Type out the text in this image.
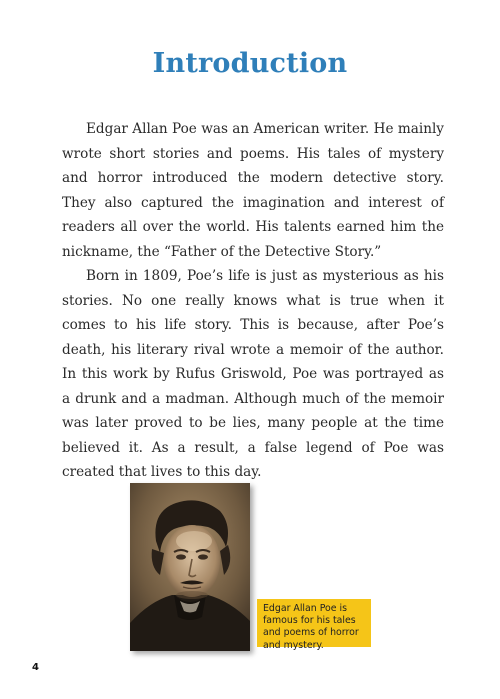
Introduction

Edgar Allan Poe was an American writer. He mainly wrote short stories and poems. His tales of mystery and horror introduced the modern detective story. They also captured the imagination and interest of readers all over the world. His talents earned him the nickname, the “Father of the Detective Story.”

Born in 1809, Poe’s life is just as mysterious as his stories. No one really knows what is true when it comes to his life story. This is because, after Poe’s death, his literary rival wrote a memoir of the author. In this work by Rufus Griswold, Poe was portrayed as a drunk and a madman. Although much of the memoir was later proved to be lies, many people at the time believed it. As a result, a false legend of Poe was created that lives to this day.

Edgar Allan Poe is famous for his tales and poems of horror and mystery.
4
